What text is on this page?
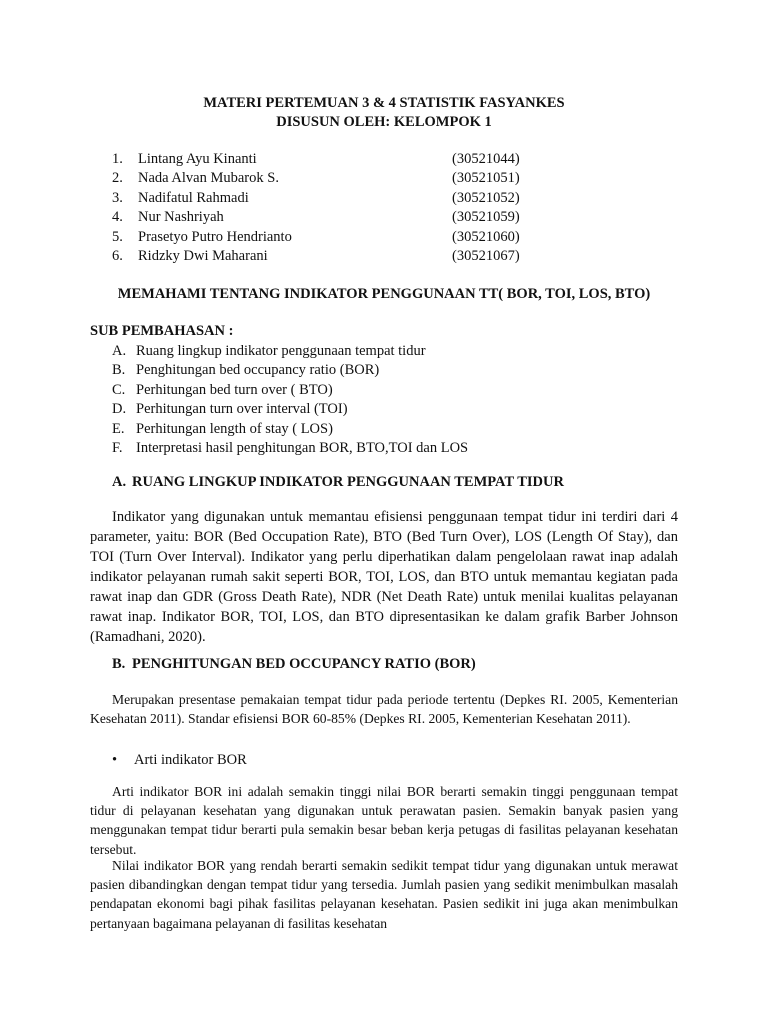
MATERI PERTEMUAN 3 & 4 STATISTIK FASYANKES
DISUSUN OLEH: KELOMPOK 1
1. Lintang Ayu Kinanti	(30521044)
2. Nada Alvan Mubarok S.	(30521051)
3. Nadifatul Rahmadi	(30521052)
4. Nur Nashriyah	(30521059)
5. Prasetyo Putro Hendrianto	(30521060)
6. Ridzky Dwi Maharani	(30521067)
MEMAHAMI TENTANG INDIKATOR PENGGUNAAN TT( BOR, TOI, LOS, BTO)
SUB PEMBAHASAN :
A. Ruang lingkup indikator penggunaan tempat tidur
B. Penghitungan bed occupancy ratio (BOR)
C. Perhitungan bed turn over ( BTO)
D. Perhitungan turn over interval (TOI)
E. Perhitungan length of stay ( LOS)
F. Interpretasi hasil penghitungan BOR, BTO,TOI dan LOS
A. RUANG LINGKUP INDIKATOR PENGGUNAAN TEMPAT TIDUR
Indikator yang digunakan untuk memantau efisiensi penggunaan tempat tidur ini terdiri dari 4 parameter, yaitu: BOR (Bed Occupation Rate), BTO (Bed Turn Over), LOS (Length Of Stay), dan TOI (Turn Over Interval). Indikator yang perlu diperhatikan dalam pengelolaan rawat inap adalah indikator pelayanan rumah sakit seperti BOR, TOI, LOS, dan BTO untuk memantau kegiatan pada rawat inap dan GDR (Gross Death Rate), NDR (Net Death Rate) untuk menilai kualitas pelayanan rawat inap. Indikator BOR, TOI, LOS, dan BTO dipresentasikan ke dalam grafik Barber Johnson (Ramadhani, 2020).
B. PENGHITUNGAN BED OCCUPANCY RATIO (BOR)
Merupakan presentase pemakaian tempat tidur pada periode tertentu (Depkes RI. 2005, Kementerian Kesehatan 2011). Standar efisiensi BOR 60-85% (Depkes RI. 2005, Kementerian Kesehatan 2011).
• Arti indikator BOR
Arti indikator BOR ini adalah semakin tinggi nilai BOR berarti semakin tinggi penggunaan tempat tidur di pelayanan kesehatan yang digunakan untuk perawatan pasien. Semakin banyak pasien yang menggunakan tempat tidur berarti pula semakin besar beban kerja petugas di fasilitas pelayanan kesehatan tersebut.
Nilai indikator BOR yang rendah berarti semakin sedikit tempat tidur yang digunakan untuk merawat pasien dibandingkan dengan tempat tidur yang tersedia. Jumlah pasien yang sedikit menimbulkan masalah pendapatan ekonomi bagi pihak fasilitas pelayanan kesehatan. Pasien sedikit ini juga akan menimbulkan pertanyaan bagaimana pelayanan di fasilitas kesehatan
